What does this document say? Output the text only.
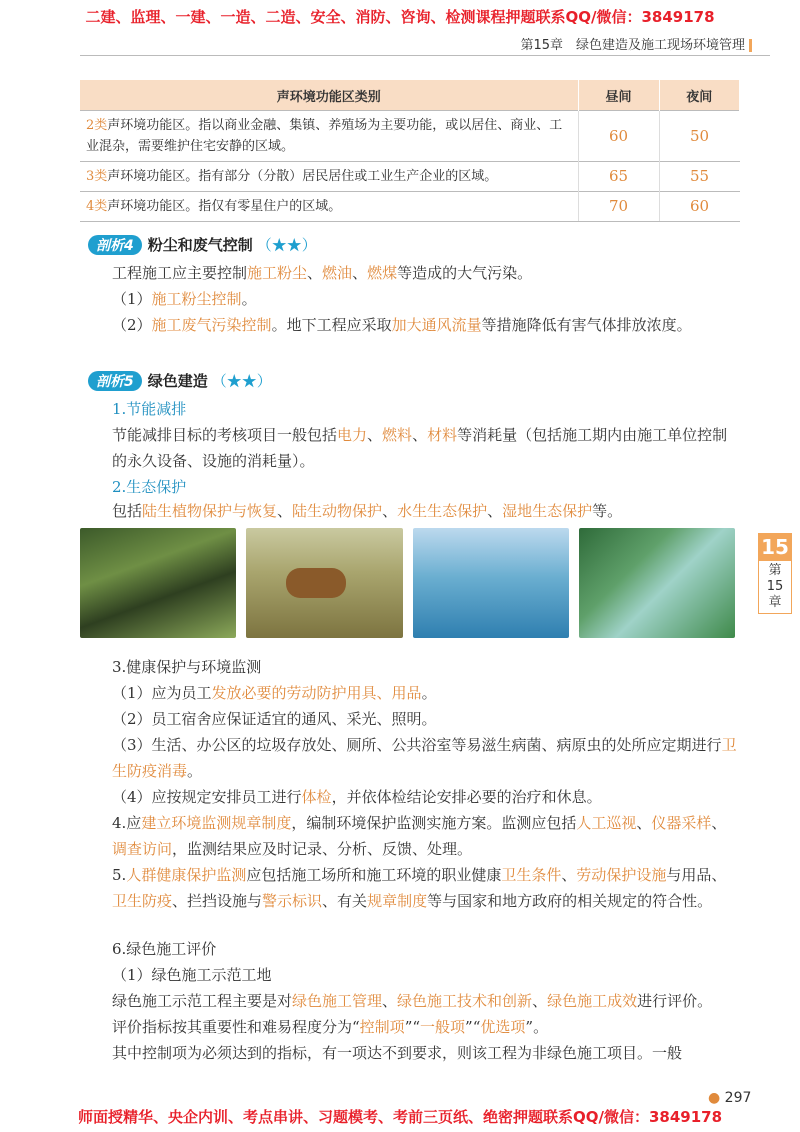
二建、监理、一建、一造、二造、安全、消防、咨询、检测课程押题联系QQ/微信：3849178
第15章　绿色建造及施工现场环境管理
声环境功能区类别	昼间	夜间
2类声环境功能区。指以商业金融、集镇、养殖场为主要功能，或以居住、商业、工业混杂，需要维护住宅安静的区域。	60	50
3类声环境功能区。指有部分（分散）居民居住或工业生产企业的区域。	65	55
4类声环境功能区。指仅有零星住户的区域。	70	60
剖析4 粉尘和废气控制 （★★）
工程施工应主要控制施工粉尘、燃油、燃煤等造成的大气污染。
（1）施工粉尘控制。
（2）施工废气污染控制。地下工程应采取加大通风流量等措施降低有害气体排放浓度。
剖析5 绿色建造 （★★）
1.节能减排
节能减排目标的考核项目一般包括电力、燃料、材料等消耗量（包括施工期内由施工单位控制的永久设备、设施的消耗量）。
2.生态保护
包括陆生植物保护与恢复、陆生动物保护、水生生态保护、湿地生态保护等。
15
第
15
章
3.健康保护与环境监测
（1）应为员工发放必要的劳动防护用具、用品。
（2）员工宿舍应保证适宜的通风、采光、照明。
（3）生活、办公区的垃圾存放处、厕所、公共浴室等易滋生病菌、病原虫的处所应定期进行卫生防疫消毒。
（4）应按规定安排员工进行体检，并依体检结论安排必要的治疗和休息。
4.应建立环境监测规章制度，编制环境保护监测实施方案。监测应包括人工巡视、仪器采样、调查访问，监测结果应及时记录、分析、反馈、处理。
5.人群健康保护监测应包括施工场所和施工环境的职业健康卫生条件、劳动保护设施与用品、卫生防疫、拦挡设施与警示标识、有关规章制度等与国家和地方政府的相关规定的符合性。
6.绿色施工评价
（1）绿色施工示范工地
绿色施工示范工程主要是对绿色施工管理、绿色施工技术和创新、绿色施工成效进行评价。
评价指标按其重要性和难易程度分为“控制项”“一般项”“优选项”。
其中控制项为必须达到的指标，有一项达不到要求，则该工程为非绿色施工项目。一般
● 297
师面授精华、央企内训、考点串讲、习题模考、考前三页纸、绝密押题联系QQ/微信：3849178
